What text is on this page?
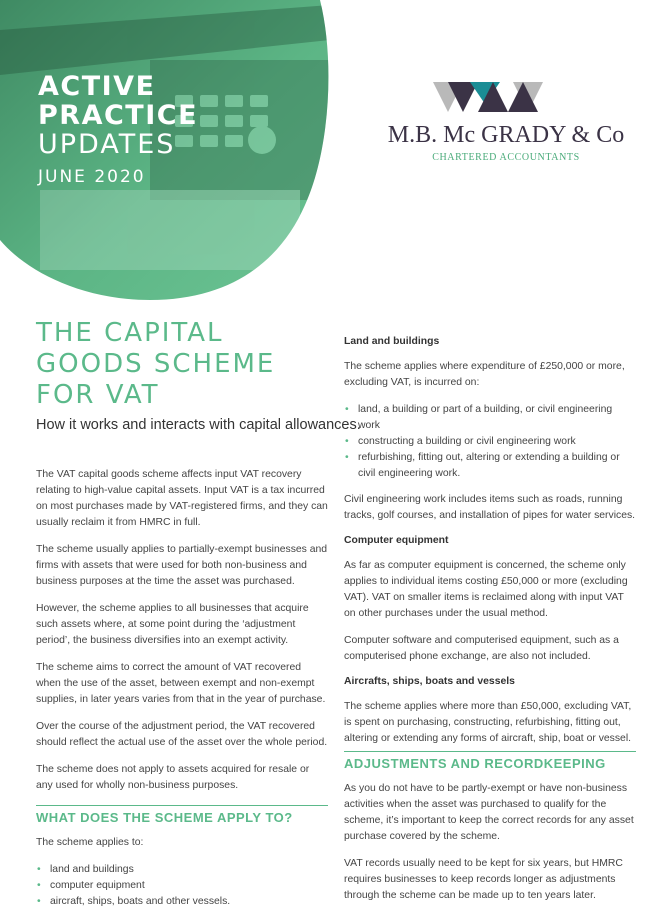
ACTIVE
PRACTICE
UPDATES
JUNE 2020
M.B. Mc GRADY & Co
CHARTERED ACCOUNTANTS
THE CAPITAL GOODS SCHEME FOR VAT
How it works and interacts with capital allowances.

The VAT capital goods scheme affects input VAT recovery relating to high-value capital assets. Input VAT is a tax incurred on most purchases made by VAT-registered firms, and they can usually reclaim it from HMRC in full.

The scheme usually applies to partially-exempt businesses and firms with assets that were used for both non-business and business purposes at the time the asset was purchased.

However, the scheme applies to all businesses that acquire such assets where, at some point during the ‘adjustment period’, the business diversifies into an exempt activity.

The scheme aims to correct the amount of VAT recovered when the use of the asset, between exempt and non-exempt supplies, in later years varies from that in the year of purchase.

Over the course of the adjustment period, the VAT recovered should reflect the actual use of the asset over the whole period.

The scheme does not apply to assets acquired for resale or any used for wholly non-business purposes.

WHAT DOES THE SCHEME APPLY TO?

The scheme applies to:

• land and buildings
• computer equipment
• aircraft, ships, boats and other vessels.
Land and buildings

The scheme applies where expenditure of £250,000 or more, excluding VAT, is incurred on:

• land, a building or part of a building, or civil engineering work
• constructing a building or civil engineering work
• refurbishing, fitting out, altering or extending a building or civil engineering work.

Civil engineering work includes items such as roads, running tracks, golf courses, and installation of pipes for water services.

Computer equipment

As far as computer equipment is concerned, the scheme only applies to individual items costing £50,000 or more (excluding VAT). VAT on smaller items is reclaimed along with input VAT on other purchases under the usual method.

Computer software and computerised equipment, such as a computerised phone exchange, are also not included.

Aircrafts, ships, boats and vessels

The scheme applies where more than £50,000, excluding VAT, is spent on purchasing, constructing, refurbishing, fitting out, altering or extending any forms of aircraft, ship, boat or vessel.

ADJUSTMENTS AND RECORDKEEPING

As you do not have to be partly-exempt or have non-business activities when the asset was purchased to qualify for the scheme, it’s important to keep the correct records for any asset purchase covered by the scheme.

VAT records usually need to be kept for six years, but HMRC requires businesses to keep records longer as adjustments through the scheme can be made up to ten years later.
